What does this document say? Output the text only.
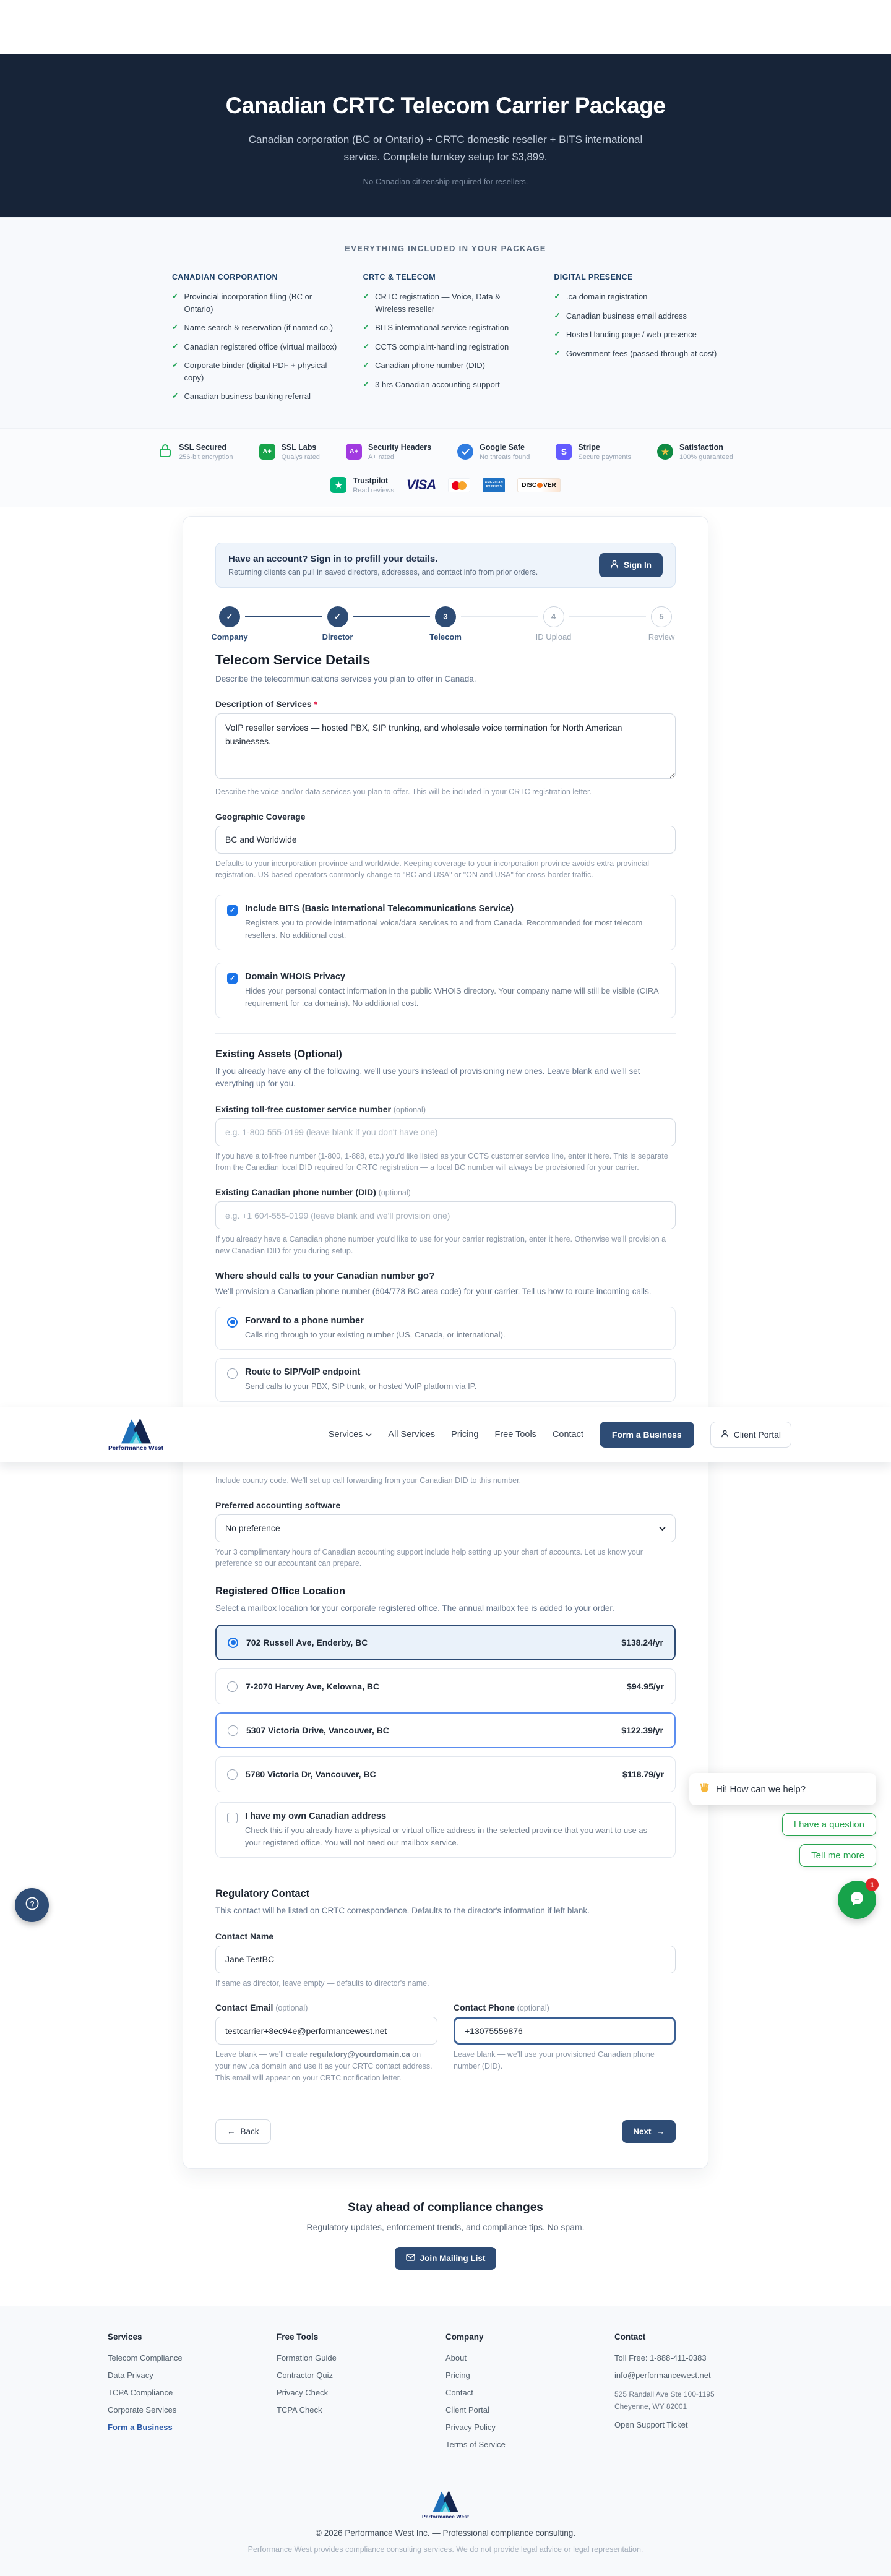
Canadian CRTC Telecom Carrier Package

Canadian corporation (BC or Ontario) + CRTC domestic reseller + BITS international service. Complete turnkey setup for $3,899.

No Canadian citizenship required for resellers.
EVERYTHING INCLUDED IN YOUR PACKAGE
CANADIAN CORPORATION
✓ Provincial incorporation filing (BC or Ontario)
✓ Name search & reservation (if named co.)
✓ Canadian registered office (virtual mailbox)
✓ Corporate binder (digital PDF + physical copy)
✓ Canadian business banking referral
CRTC & TELECOM
✓ CRTC registration — Voice, Data & Wireless reseller
✓ BITS international service registration
✓ CCTS complaint-handling registration
✓ Canadian phone number (DID)
✓ 3 hrs Canadian accounting support
DIGITAL PRESENCE
✓ .ca domain registration
✓ Canadian business email address
✓ Hosted landing page / web presence
✓ Government fees (passed through at cost)
SSL Secured
256-bit encryption
A+
SSL Labs
Qualys rated
A+
Security Headers
A+ rated
Google Safe
No threats found
S	Stripe
Secure payments
★	Satisfaction
100% guaranteed
★	Trustpilot
Read reviews VISA	AMERICAN
EXPRESS	DISC VER
Have an account? Sign in to prefill your details.
Returning clients can pull in saved directors, addresses, and contact info from prior orders.
Sign In
✓
Company
✓
Director
3
Telecom
4
ID Upload
5
Review
Telecom Service Details

Describe the telecommunications services you plan to offer in Canada.

Description of Services *
VoIP reseller services — hosted PBX, SIP trunking, and wholesale voice termination for North American businesses.
Describe the voice and/or data services you plan to offer. This will be included in your CRTC registration letter.
Geographic Coverage
BC and Worldwide
Defaults to your incorporation province and worldwide. Keeping coverage to your incorporation province avoids extra-provincial registration. US-based operators commonly change to "BC and USA" or "ON and USA" for cross-border traffic.
✓ Include BITS (Basic International Telecommunications Service)
Registers you to provide international voice/data services to and from Canada. Recommended for most telecom resellers. No additional cost.
✓ Domain WHOIS Privacy
Hides your personal contact information in the public WHOIS directory. Your company name will still be visible (CIRA requirement for .ca domains). No additional cost.
Existing Assets (Optional)

If you already have any of the following, we'll use yours instead of provisioning new ones. Leave blank and we'll set everything up for you.

Existing toll-free customer service number (optional)
e.g. 1-800-555-0199 (leave blank if you don't have one)
If you have a toll-free number (1-800, 1-888, etc.) you'd like listed as your CCTS customer service line, enter it here. This is separate from the Canadian local DID required for CRTC registration — a local BC number will always be provisioned for your carrier.
Existing Canadian phone number (DID) (optional)
e.g. +1 604-555-0199 (leave blank and we'll provision one)
If you already have a Canadian phone number you'd like to use for your carrier registration, enter it here. Otherwise we'll provision a new Canadian DID for you during setup.
Where should calls to your Canadian number go?

We'll provision a Canadian phone number (604/778 BC area code) for your carrier. Tell us how to route incoming calls.

Forward to a phone number
Calls ring through to your existing number (US, Canada, or international).
Route to SIP/VoIP endpoint
Send calls to your PBX, SIP trunk, or hosted VoIP platform via IP.
Performance West
Services	All Services Pricing Free Tools Contact	Form a Business	Client Portal
Include country code. We'll set up call forwarding from your Canadian DID to this number.
Preferred accounting software
No preference
Your 3 complimentary hours of Canadian accounting support include help setting up your chart of accounts. Let us know your preference so our accountant can prepare.
Registered Office Location

Select a mailbox location for your corporate registered office. The annual mailbox fee is added to your order.

702 Russell Ave, Enderby, BC	$138.24/yr
7-2070 Harvey Ave, Kelowna, BC	$94.95/yr
5307 Victoria Drive, Vancouver, BC	$122.39/yr
5780 Victoria Dr, Vancouver, BC	$118.79/yr
I have my own Canadian address
Check this if you already have a physical or virtual office address in the selected province that you want to use as your registered office. You will not need our mailbox service.
Regulatory Contact

This contact will be listed on CRTC correspondence. Defaults to the director's information if left blank.

Contact Name
Jane TestBC
If same as director, leave empty — defaults to director's name.
Contact Email (optional)
testcarrier+8ec94e@performancewest.net
Leave blank — we'll create regulatory@yourdomain.ca on your new .ca domain and use it as your CRTC contact address. This email will appear on your CRTC notification letter.
Contact Phone (optional)
+13075559876
Leave blank — we'll use your provisioned Canadian phone number (DID).
← Back	Next →
Stay ahead of compliance changes
Regulatory updates, enforcement trends, and compliance tips. No spam.
Join Mailing List
Services
Telecom Compliance
Data Privacy
TCPA Compliance
Corporate Services
Form a Business
Free Tools
Formation Guide
Contractor Quiz
Privacy Check
TCPA Check
Company
About
Pricing
Contact
Client Portal
Privacy Policy
Terms of Service
Contact
Toll Free: 1-888-411-0383
info@performancewest.net
525 Randall Ave Ste 100-1195
Cheyenne, WY 82001
Open Support Ticket
Performance West
© 2026 Performance West Inc. — Professional compliance consulting.
Performance West provides compliance consulting services. We do not provide legal advice or legal representation.
Hi! How can we help?
I have a question
Tell me more
1
?
